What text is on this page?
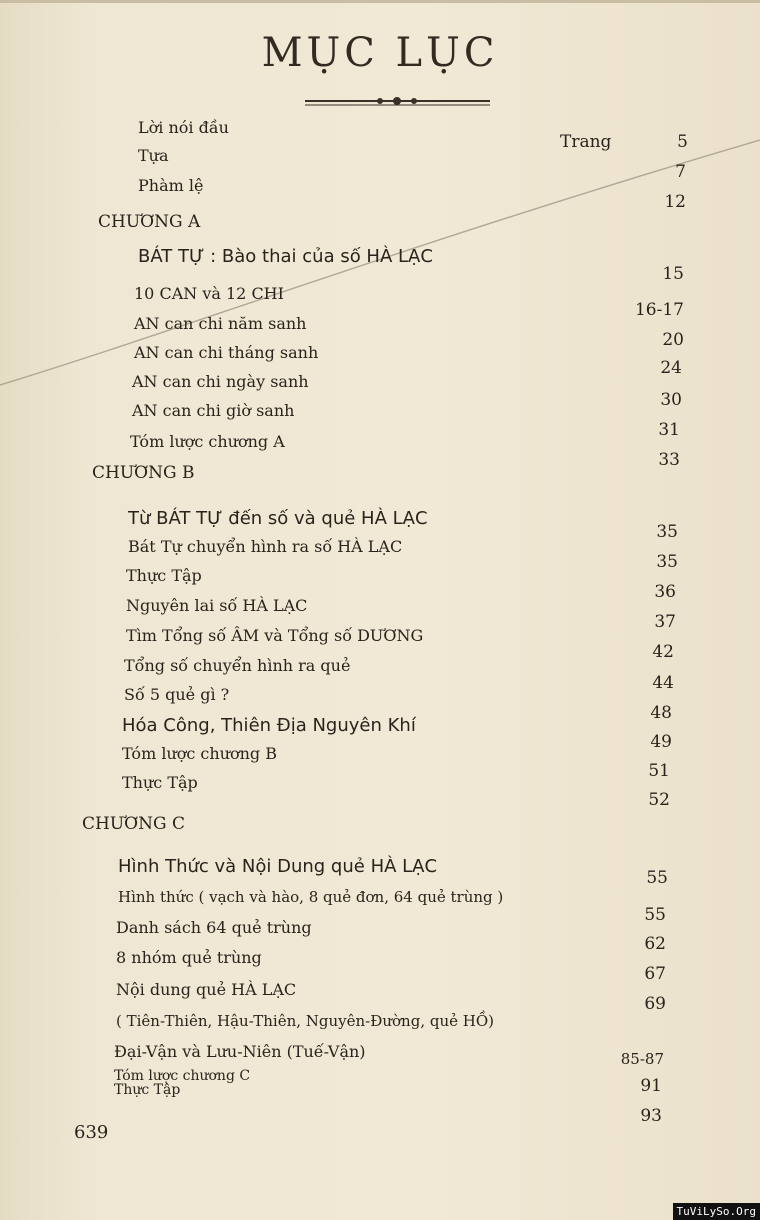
MỤC LỤC
Trang
Lời nói đầu
Tựa
Phàm lệ
CHƯƠNG A
BÁT TỰ : Bào thai của số HÀ LẠC
10 CAN và 12 CHI
AN can chi năm sanh
AN can chi tháng sanh
AN can chi ngày sanh
AN can chi giờ sanh
Tóm lược chương A
CHƯƠNG B
Từ BÁT TỰ đến số và quẻ HÀ LẠC
Bát Tự chuyển hình ra số HÀ LẠC
Thực Tập
Nguyên lai số HÀ LẠC
Tìm Tổng số ÂM và Tổng số DƯƠNG
Tổng số chuyển hình ra quẻ
Số 5 quẻ gì ?
Hóa Công, Thiên Địa Nguyên Khí
Tóm lược chương B
Thực Tập
CHƯƠNG C
Hình Thức và Nội Dung quẻ HÀ LẠC
Hình thức ( vạch và hào, 8 quẻ đơn, 64 quẻ trùng )
Danh sách 64 quẻ trùng
8 nhóm quẻ trùng
Nội dung quẻ HÀ LẠC
( Tiên-Thiên, Hậu-Thiên, Nguyên-Đường, quẻ HỒ)
Đại-Vận và Lưu-Niên (Tuế-Vận)
Tóm lược chương C
Thực Tập
5
7
12
15
16-17
20
24
30
31
33
35
35
36
37
42
44
48
49
51
52
55
55
62
67
69
85-87
91
93
639
TuViLySo.Org
